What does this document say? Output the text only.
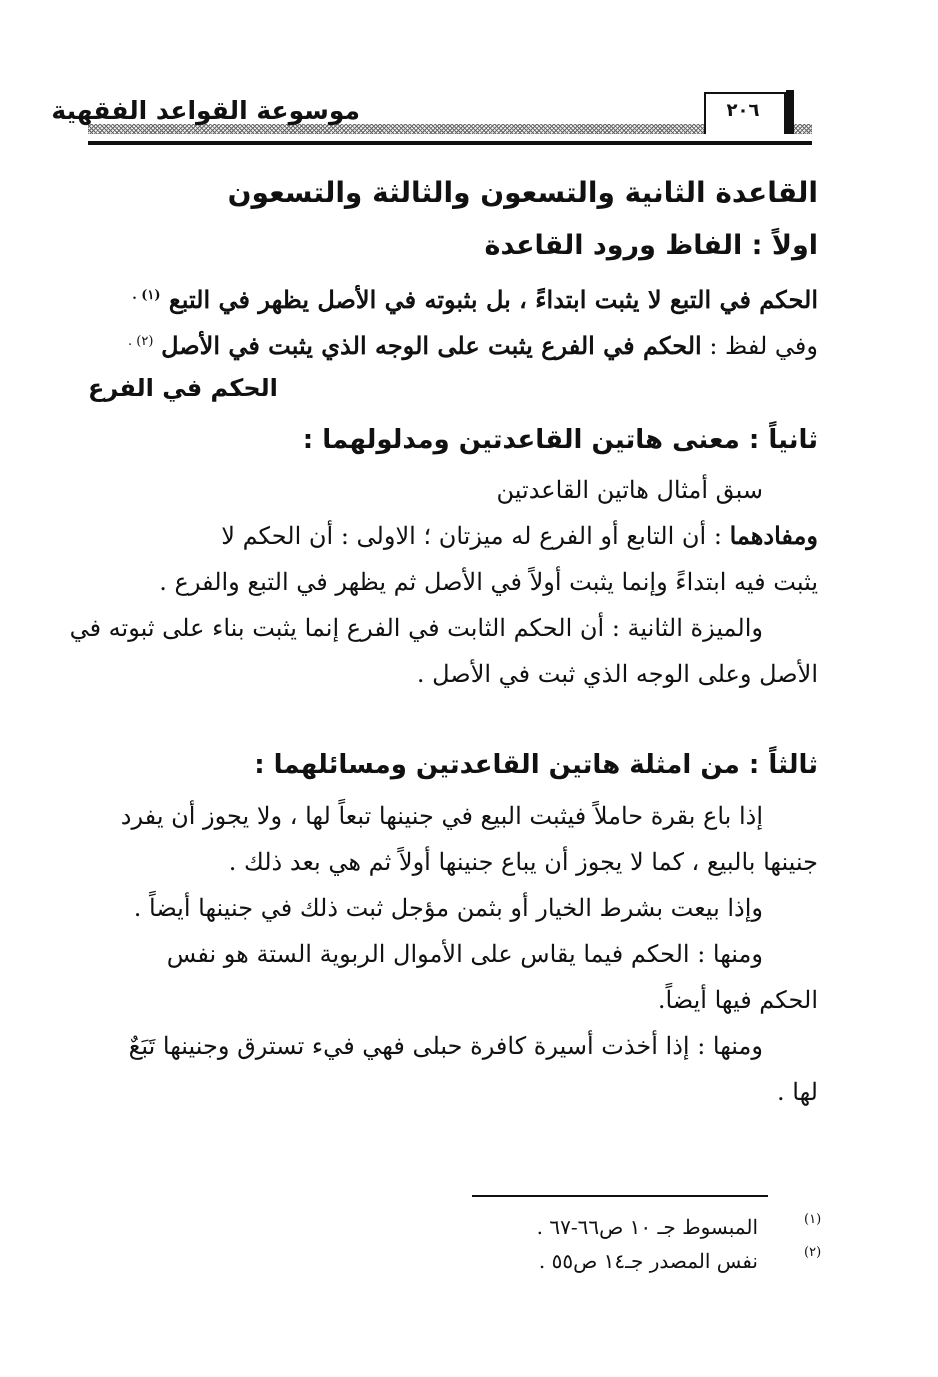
موسوعة القواعد الفقهية	٢٠٦
القاعدة الثانية والتسعون والثالثة والتسعون
اولاً : الفاظ ورود القاعدة
الحكم في التبع لا يثبت ابتداءً ، بل بثبوته في الأصل يظهر في التبع $^{(١) .}$
وفي لفظ : الحكم في الفرع يثبت على الوجه الذي يثبت في الأصل $^{(٢) .}$
الحكم في الفرع
ثانياً : معنى هاتين القاعدتين ومدلولهما :
سبق أمثال هاتين القاعدتين
ومفادهما : أن التابع أو الفرع له ميزتان ؛ الاولى : أن الحكم لا
يثبت فيه ابتداءً وإنما يثبت أولاً في الأصل ثم يظهر في التبع والفرع .
والميزة الثانية : أن الحكم الثابت في الفرع إنما يثبت بناء على ثبوته في
الأصل وعلى الوجه الذي ثبت في الأصل .
ثالثاً : من امثلة هاتين القاعدتين ومسائلهما :
إذا باع بقرة حاملاً فيثبت البيع في جنينها تبعاً لها ، ولا يجوز أن يفرد
جنينها بالبيع ، كما لا يجوز أن يباع جنينها أولاً ثم هي بعد ذلك .
وإذا بيعت بشرط الخيار أو بثمن مؤجل ثبت ذلك في جنينها أيضاً .
ومنها : الحكم فيما يقاس على الأموال الربوية الستة هو نفس
الحكم فيها أيضاً.
ومنها : إذا أخذت أسيرة كافرة حبلى فهي فيء تسترق وجنينها تَبَعٌ
لها .
(١)
المبسوط جـ ١٠ ص٦٦-٦٧ .
(٢)
نفس المصدر جـ١٤ ص٥٥ .
